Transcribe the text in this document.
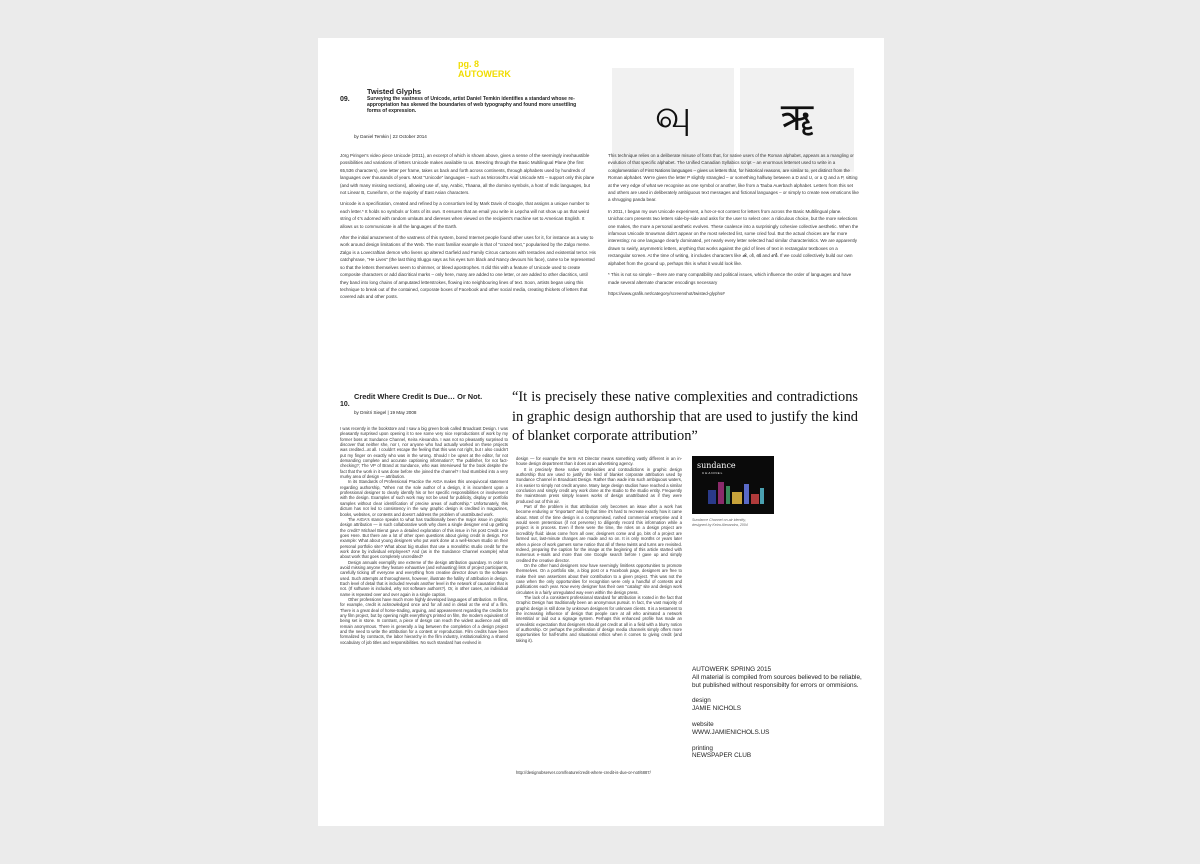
pg. 8
AUTOWERK
09.
Twisted Glyphs
Surveying the vastness of Unicode, artist Daniel Temkin identifies a standard whose re-appropriation has skewed the boundaries of web typography and found more unsettling forms of expression.
by Daniel Temkin | 22 October 2014
வு	ॠ

Jörg Piringer's video piece Unicode (2011), an excerpt of which is shown above, gives a sense of the seemingly inexhaustible possibilities and variations of letters Unicode makes available to us. Breezing through the Basic Multilingual Plane (the first 65,536 characters), one letter per frame, takes us back and forth across continents, through alphabets used by hundreds of languages over thousands of years. Most "Unicode" languages – such as Microsoft's Arial Unicode MS – support only this plane (and with many missing sections), allowing use of, say, Arabic, Thaana, all the domino symbols, a host of Indic languages, but not Linear B, Cuneiform, or the majority of East Asian characters.

Unicode is a specification, created and refined by a consortium led by Mark Davis of Google, that assigns a unique number to each letter.* It holds no symbols or fonts of its own. It ensures that an email you write in Lepcha will not show up as that weird string of ¢'s adorned with random umlauts and diereses when viewed on the recipient's machine set to American English. It allows us to communicate in all the languages of the Earth.

After the initial amazement of the vastness of this system, bored Internet people found other uses for it, for instance as a way to work around design limitations of the Web. The most familiar example is that of "crazed text," popularised by the Zalgo meme. Zalgo is a Lovecraftian demon who livens up altered Garfield and Family Circus cartoons with tentacles and existential terror. His catchphrase, "He Lives" (the last thing Sluggo says as his eyes turn black and Nancy devours his face), came to be represented so that the letters themselves seem to shimmer, or bleed apostrophes. It did this with a feature of Unicode used to create composite characters or add diacritical marks – only here, many are added to one letter, or are added to other diacritics, until they band into long chains of amputated letterstrokes, flowing into neighbouring lines of text. Soon, artists began using this technique to break out of the contained, corporate boxes of Facebook and other social media, creating thickets of letters that covered ads and other posts.

This technique relies on a deliberate misuse of fonts that, for native users of the Roman alphabet, appears as a mangling or evolution of that specific alphabet. The Unified Canadian Syllabics script – an enormous letterset used to write in a conglomeration of First Nations languages – gives us letters that, for historical reasons, are similar to, yet distinct from the Roman alphabet. We're given the letter P slightly strangled – or something halfway between a D and U, or a Q and a P, sitting at the very edge of what we recognise as one symbol or another, like from a Tauba Auerbach alphabet. Letters from this set and others are used in deliberately ambiguous text messages and fictional languages – or simply to create new emoticons like a shrugging panda bear.

In 2011, I began my own Unicode experiment, a hot-or-not contest for letters from across the Basic Multilingual plane. Unichar.com presents two letters side-by-side and asks for the user to select one: a ridiculous choice, but the more selections one makes, the more a personal aesthetic evolves. These coalesce into a surprisingly cohesive collective aesthetic. When the infamous Unicode Snowman didn't appear on the most selected list, some cried foul. But the actual choices are far more interesting: no one language clearly dominated, yet nearly every letter selected had similar characteristics. We are apparently drawn to swirly, asymmetric letters, anything that works against the grid of lines of text in rectangular textboxes on a rectangular screen. At the time of writing, it includes characters like ൿ, ൾ, ൽ and ൺ. If we could collectively build our own alphabet from the ground up, perhaps this is what it would look like.

* This is not so simple – there are many compatibility and political issues, which influence the order of languages and have made several alternate character encodings necessary

https://www.grafik.net/category/screenshot/twisted-glyphs#

10.
Credit Where Credit Is Due… Or Not.
by Dmitri Siegel | 19 May 2008
“It is precisely these native complexities and contradictions in graphic design authorship that are used to justify the kind of blanket corporate attribution”

I was recently in the bookstore and I saw a big green book called Broadcast Design. I was pleasantly surprised upon opening it to see some very nice reproductions of work by my former boss at Sundance Channel, Keira Alexandra. I was not so pleasantly surprised to discover that neither she, nor I, nor anyone who had actually worked on these projects was credited...at all. I couldn't escape the feeling that this was not right, but I also couldn't put my finger on exactly who was in the wrong. Should I be upset at the editor, for not demanding complete and accurate captioning information?; The publisher, for not fact-checking?; The VP of Brand at Sundance, who was interviewed for the book despite the fact that the work in it was done before she joined the channel? I had stumbled into a very murky area of design — attribution.

In its Standards of Professional Practice the AIGA makes this unequivocal statement regarding authorship, "When not the sole author of a design, it is incumbent upon a professional designer to clearly identify his or her specific responsibilities or involvement with the design. Examples of such work may not be used for publicity, display or portfolio samples without clear identification of precise areas of authorship." Unfortunately, this dictum has not led to consistency in the way graphic design is credited in magazines, books, websites, or contests and doesn't address the problem of unattributed work.

The AIGA's stance speaks to what has traditionally been the major issue in graphic design attribution — in such collaborative work why does a single designer end up getting the credit? Michael Bierut gave a detailed exploration of this issue in his post Credit Line goes Here. But there are a lot of other open questions about giving credit in design. For example: What about young designers who put work done at a well-known studio on their personal portfolio site? What about big studios that use a monolithic studio credit for the work done by individual employees? And (as in the Sundance Channel example) what about work that goes completely uncredited?

Design annuals exemplify one extreme of the design attribution quandary. In order to avoid missing anyone they feature exhaustive (and exhausting) lists of project participants, carefully ticking off everyone and everything from creative director down to the software used. Such attempts at thoroughness, however, illustrate the futility of attribution in design. Each level of detail that is included reveals another level in the network of causation that is not. (If software is included, why not software authors?). Or, in other cases, an individual name is repeated over and over again in a single caption.

Other professions have much more highly developed languages of attribution. In films, for example, credit is acknowledged once and for all and in detail at the end of a film. There is a great deal of horse-trading, arguing, and appeasement regarding the credits for any film project, but by opening night everything's printed on film, the modern equivalent of being set in stone. In contrast, a piece of design can reach the widest audience and still remain anonymous. There is generally a lag between the completion of a design project and the need to write the attribution for a contest or reproduction. Film credits have been formalized by contracts, the labor hierarchy in the film industry, institutionalizing a shared vocabulary of job titles and responsibilities. No such standard has evolved in

design — for example the term Art Director means something vastly different in an in-house design department than it does at an advertising agency.

It is precisely these native complexities and contradictions in graphic design authorship that are used to justify the kind of blanket corporate attribution used by Sundance Channel in Broadcast Design. Rather than wade into such ambiguous waters, it is easier to simply not credit anyone. Many large design studios have reached a similar conclusion and simply credit any work done at the studio to the studio entity. Frequently the mainstream press simply leaves works of design unattributed as if they were produced out of thin air.

Part of the problem is that attribution only becomes an issue after a work has become enduring or "important" and by that time it's hard to recreate exactly how it came about. Most of the time design is a compromised, rushed commercial enterprise and it would seem pretentious (if not perverse) to diligently record this information while a project is in process. Even if there were the time, the roles on a design project are incredibly fluid: ideas come from all over, designers come and go, bits of a project are farmed out, last-minute changes are made and so on. It is only months or years later when a piece of work garners some notice that all of these twists and turns are revisited. Indeed, preparing the caption for the image at the beginning of this article started with numerous e-mails and more than one Google search before I gave up and simply credited the creative director.

On the other hand designers now have seemingly limitless opportunities to promote themselves. On a portfolio site, a blog post or a Facebook page, designers are free to make their own assertions about their contribution to a given project. This was not the case when the only opportunities for recognition were only a handful of contests and publications each year. Now every designer has their own "catalog" site and design work circulates in a fairly unregulated way even within the design press.

The lack of a consistent professional standard for attribution is rooted in the fact that Graphic Design has traditionally been an anonymous pursuit. In fact, the vast majority of graphic design is still done by unknown designers for unknown clients. It is a testament to the increasing influence of design that people care at all who animated a network interstitial or laid out a signage system. Perhaps this enhanced profile has made an unrealistic expectation that designers should get credit at all in a field with a blurry notion of authorship. Or perhaps the proliferation of design media channels simply offers more opportunities for half-truths and situational ethics when it comes to giving credit (and taking it).

http://designobserver.com/feature/credit-where-credit-is-due-or-not/6887/
sundance
CHANNEL
Sundance Channel on-air identity,
designed by Keira Alexandra, 2004
AUTOWERK SPRING 2015
All material is compiled from sources believed to be reliable, but published without responsibilty for errors or ommisions.
design
JAMIE NICHOLS
website
WWW.JAMIENICHOLS.US
printing
NEWSPAPER CLUB
